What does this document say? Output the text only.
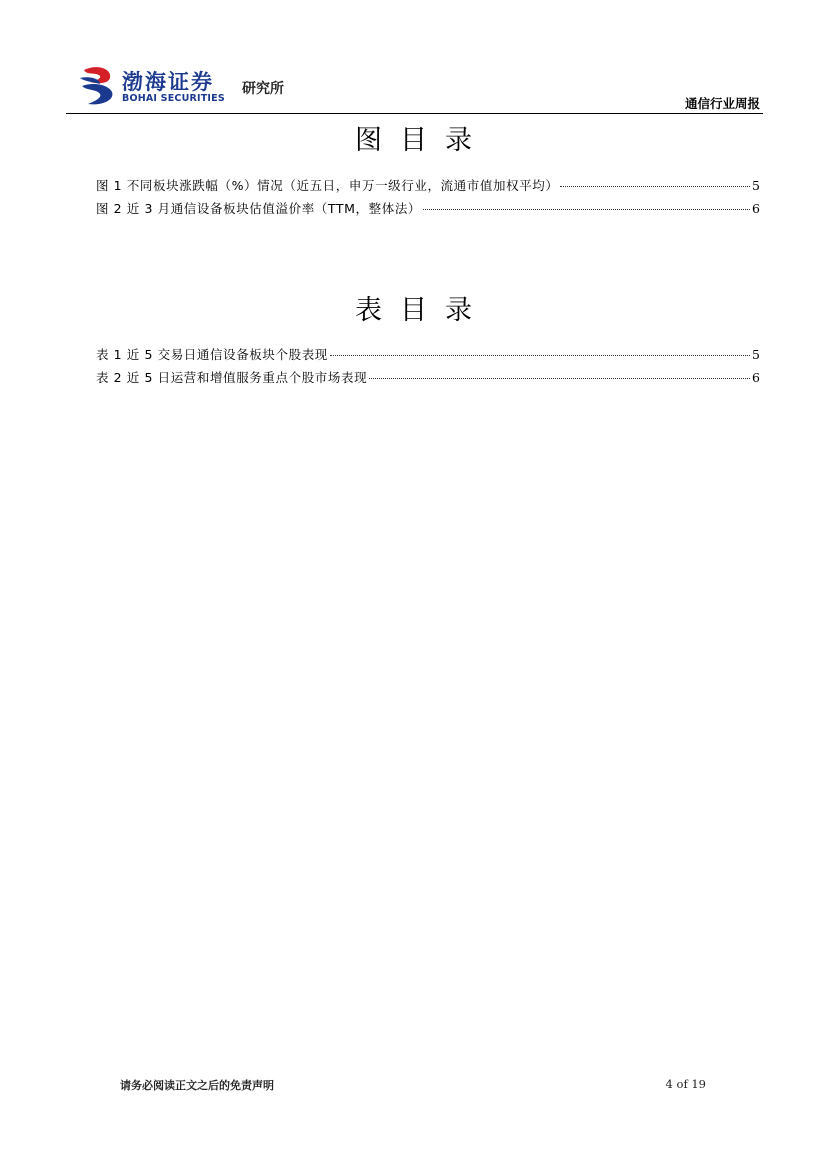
渤海证券
BOHAI SECURITIES
研究所
通信行业周报
图目录
图 1 不同板块涨跌幅（%）情况（近五日，申万一级行业，流通市值加权平均）	5
图 2 近 3 月通信设备板块估值溢价率（TTM，整体法）	6
表目录
表 1 近 5 交易日通信设备板块个股表现	5
表 2 近 5 日运营和增值服务重点个股市场表现	6
请务必阅读正文之后的免责声明	4 of 19
